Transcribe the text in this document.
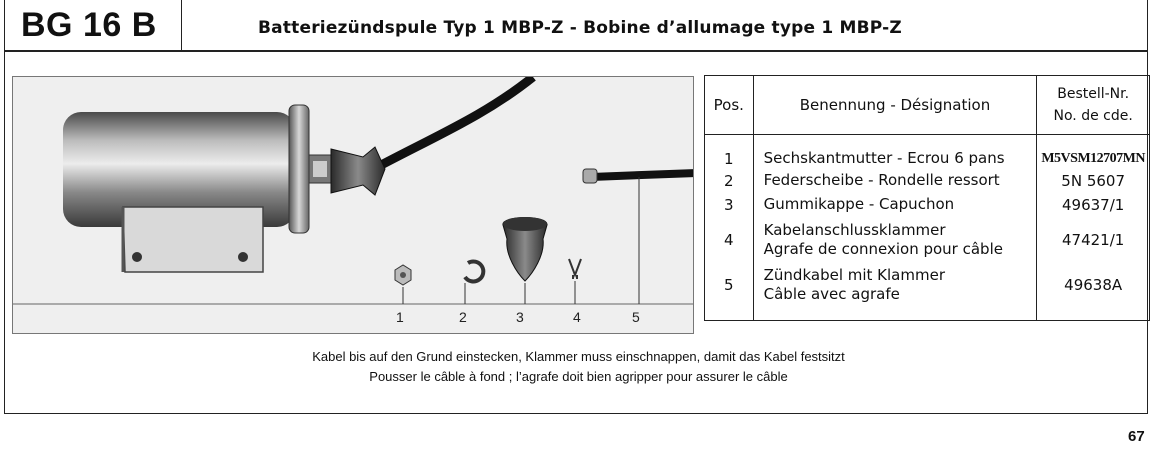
BG 16 B	Batteriezündspule Typ 1 MBP-Z - Bobine d’allumage type 1 MBP-Z
1	2	3	4	5
Pos.	Benennung - Désignation	Bestell-Nr.
No. de cde.

1	Sechskantmutter - Ecrou 6 pans	M5VSM12707MN
2	Federscheibe - Rondelle ressort	5N 5607
3	Gummikappe - Capuchon	49637/1
4	Kabelanschlussklammer
Agrafe de connexion pour câble	47421/1
5	Zündkabel mit Klammer
Câble avec agrafe	49638A
Kabel bis auf den Grund einstecken, Klammer muss einschnappen, damit das Kabel festsitzt
Pousser le câble à fond ; l’agrafe doit bien agripper pour assurer le câble
67
